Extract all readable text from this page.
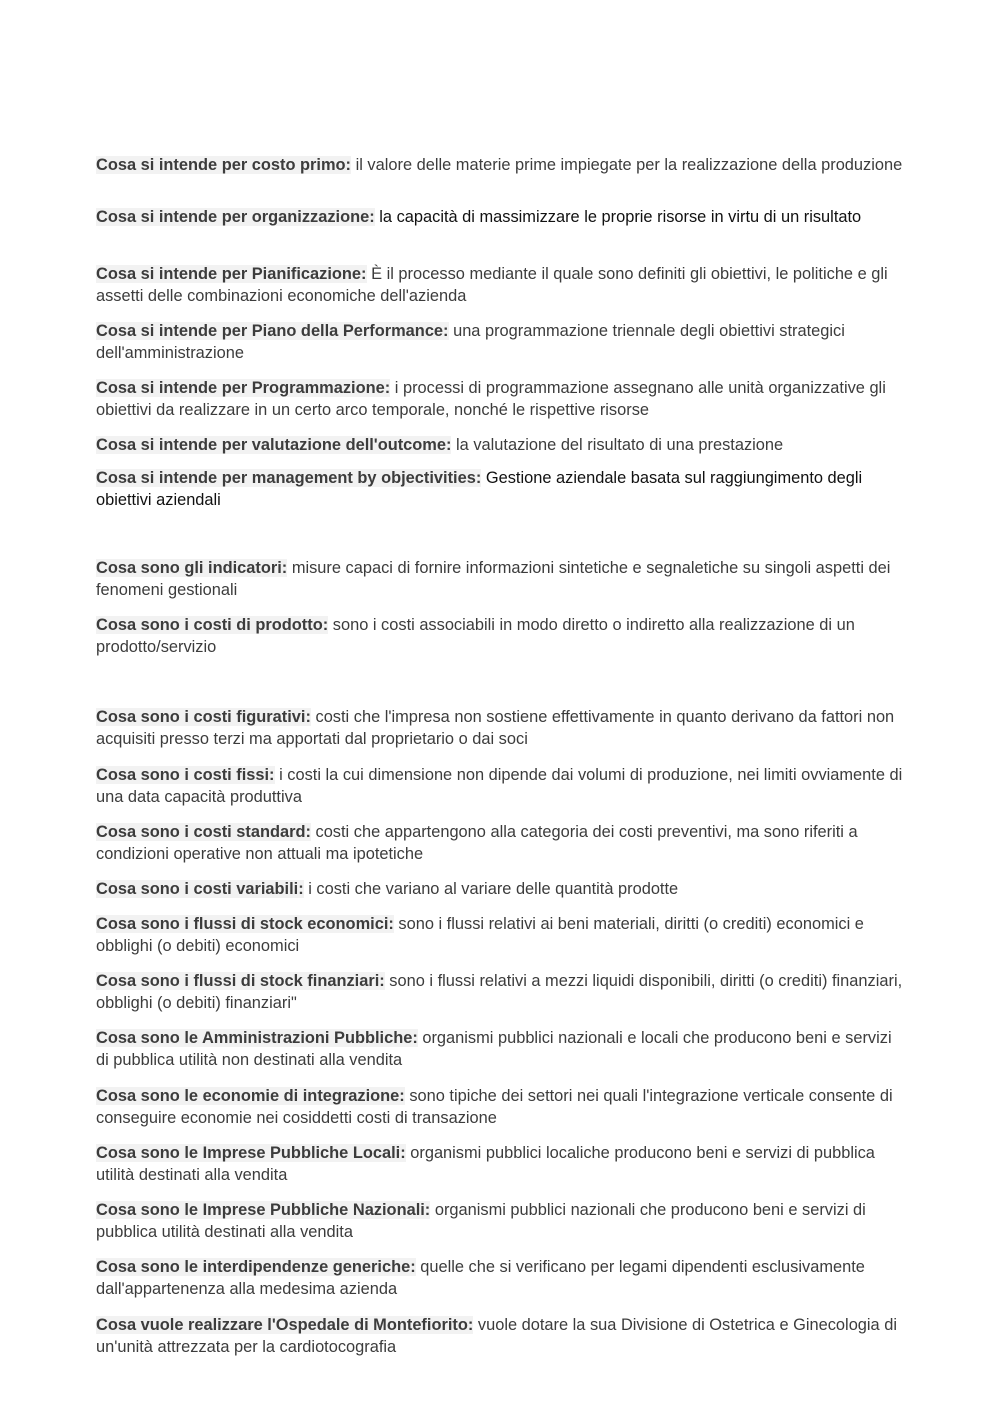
Cosa si intende per costo primo: il valore delle materie prime impiegate per la realizzazione della produzione
Cosa si intende per organizzazione: la capacità di massimizzare le proprie risorse in virtu di un risultato
Cosa si intende per Pianificazione: È il processo mediante il quale sono definiti gli obiettivi, le politiche e gli assetti delle combinazioni economiche dell'azienda
Cosa si intende per Piano della Performance: una programmazione triennale degli obiettivi strategici dell'amministrazione
Cosa si intende per Programmazione: i processi di programmazione assegnano alle unità organizzative gli obiettivi da realizzare in un certo arco temporale, nonché le rispettive risorse
Cosa si intende per valutazione dell'outcome: la valutazione del risultato di una prestazione
Cosa si intende per management by objectivities: Gestione aziendale basata sul raggiungimento degli obiettivi aziendali
Cosa sono gli indicatori: misure capaci di fornire informazioni sintetiche e segnaletiche su singoli aspetti dei fenomeni gestionali
Cosa sono i costi di prodotto: sono i costi associabili in modo diretto o indiretto alla realizzazione di un prodotto/servizio
Cosa sono i costi figurativi: costi che l'impresa non sostiene effettivamente in quanto derivano da fattori non acquisiti presso terzi ma apportati dal proprietario o dai soci
Cosa sono i costi fissi: i costi la cui dimensione non dipende dai volumi di produzione, nei limiti ovviamente di una data capacità produttiva
Cosa sono i costi standard: costi che appartengono alla categoria dei costi preventivi, ma sono riferiti a condizioni operative non attuali ma ipotetiche
Cosa sono i costi variabili: i costi che variano al variare delle quantità prodotte
Cosa sono i flussi di stock economici: sono i flussi relativi ai beni materiali, diritti (o crediti) economici e obblighi (o debiti) economici
Cosa sono i flussi di stock finanziari: sono i flussi relativi a mezzi liquidi disponibili, diritti (o crediti) finanziari, obblighi (o debiti) finanziari"
Cosa sono le Amministrazioni Pubbliche: organismi pubblici nazionali e locali che producono beni e servizi di pubblica utilità non destinati alla vendita
Cosa sono le economie di integrazione: sono tipiche dei settori nei quali l'integrazione verticale consente di conseguire economie nei cosiddetti costi di transazione
Cosa sono le Imprese Pubbliche Locali: organismi pubblici localiche producono beni e servizi di pubblica utilità destinati alla vendita
Cosa sono le Imprese Pubbliche Nazionali: organismi pubblici nazionali che producono beni e servizi di pubblica utilità destinati alla vendita
Cosa sono le interdipendenze generiche: quelle che si verificano per legami dipendenti esclusivamente dall'appartenenza alla medesima azienda
Cosa vuole realizzare l'Ospedale di Montefiorito: vuole dotare la sua Divisione di Ostetrica e Ginecologia di un'unità attrezzata per la cardiotocografia
